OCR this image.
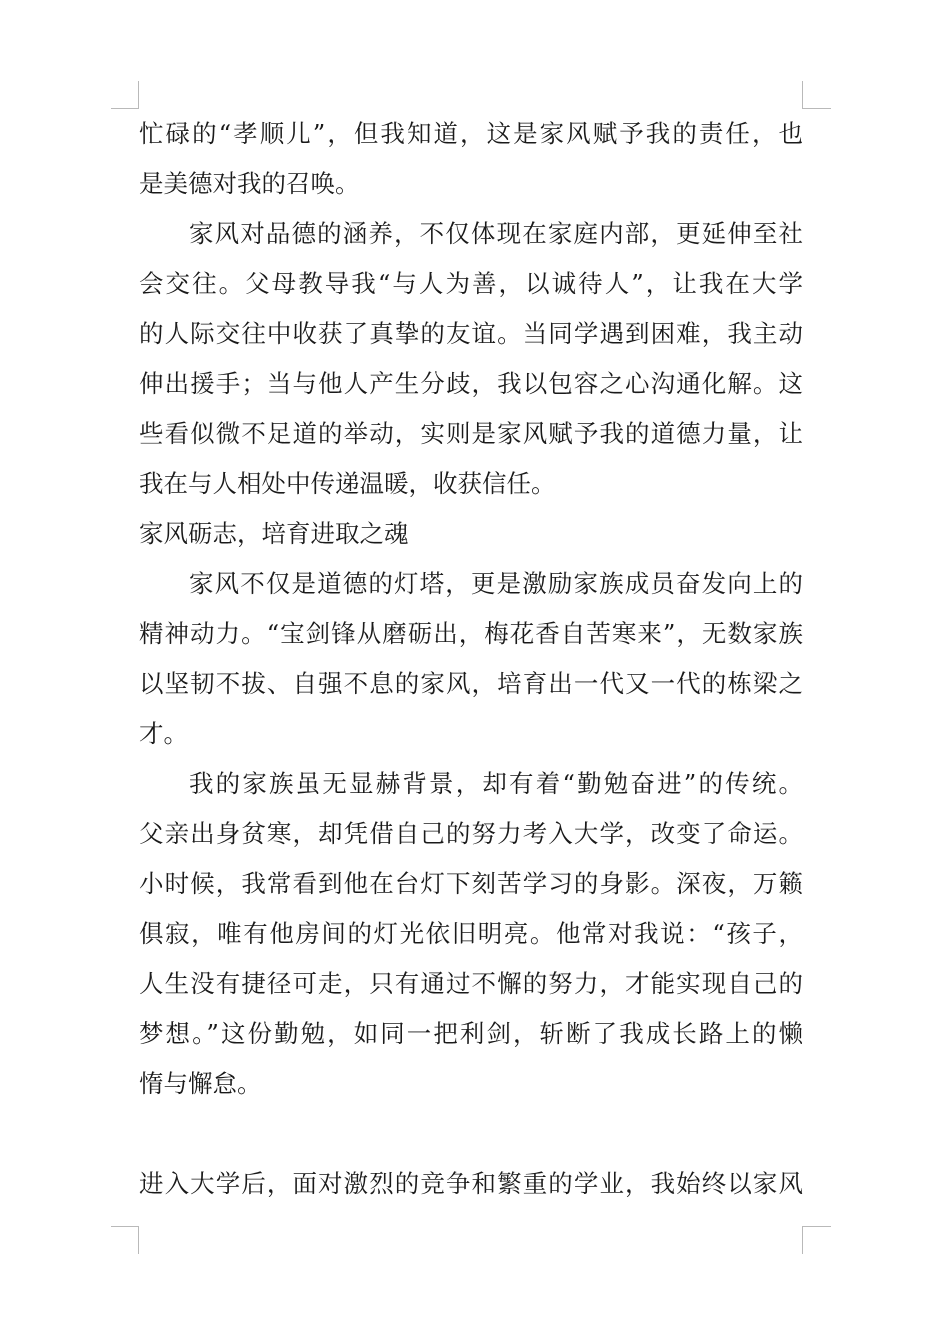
忙碌的“孝顺儿”，但我知道，这是家风赋予我的责任，也
是美德对我的召唤。
家风对品德的涵养，不仅体现在家庭内部，更延伸至社
会交往。父母教导我“与人为善，以诚待人”，让我在大学
的人际交往中收获了真挚的友谊。当同学遇到困难，我主动
伸出援手；当与他人产生分歧，我以包容之心沟通化解。这
些看似微不足道的举动，实则是家风赋予我的道德力量，让
我在与人相处中传递温暖，收获信任。
家风砺志，培育进取之魂
家风不仅是道德的灯塔，更是激励家族成员奋发向上的
精神动力。“宝剑锋从磨砺出，梅花香自苦寒来”，无数家族
以坚韧不拔、自强不息的家风，培育出一代又一代的栋梁之
才。
我的家族虽无显赫背景，却有着“勤勉奋进”的传统。
父亲出身贫寒，却凭借自己的努力考入大学，改变了命运。
小时候，我常看到他在台灯下刻苦学习的身影。深夜，万籁
俱寂，唯有他房间的灯光依旧明亮。他常对我说：“孩子，
人生没有捷径可走，只有通过不懈的努力，才能实现自己的
梦想。”这份勤勉，如同一把利剑，斩断了我成长路上的懒
惰与懈怠。
进入大学后，面对激烈的竞争和繁重的学业，我始终以家风
